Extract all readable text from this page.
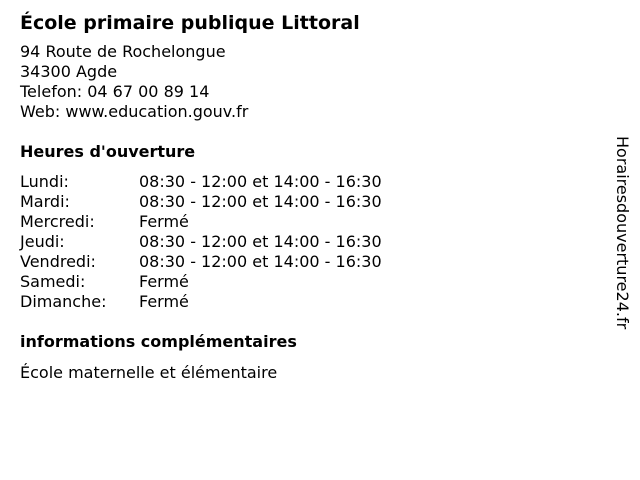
École primaire publique Littoral
94 Route de Rochelongue
34300 Agde
Telefon: 04 67 00 89 14
Web: www.education.gouv.fr
Heures d'ouverture
Lundi:	08:30 - 12:00 et 14:00 - 16:30
Mardi:	08:30 - 12:00 et 14:00 - 16:30
Mercredi:	Fermé
Jeudi:	08:30 - 12:00 et 14:00 - 16:30
Vendredi:	08:30 - 12:00 et 14:00 - 16:30
Samedi:	Fermé
Dimanche:	Fermé
informations complémentaires
École maternelle et élémentaire
Horairesdouverture24.fr
